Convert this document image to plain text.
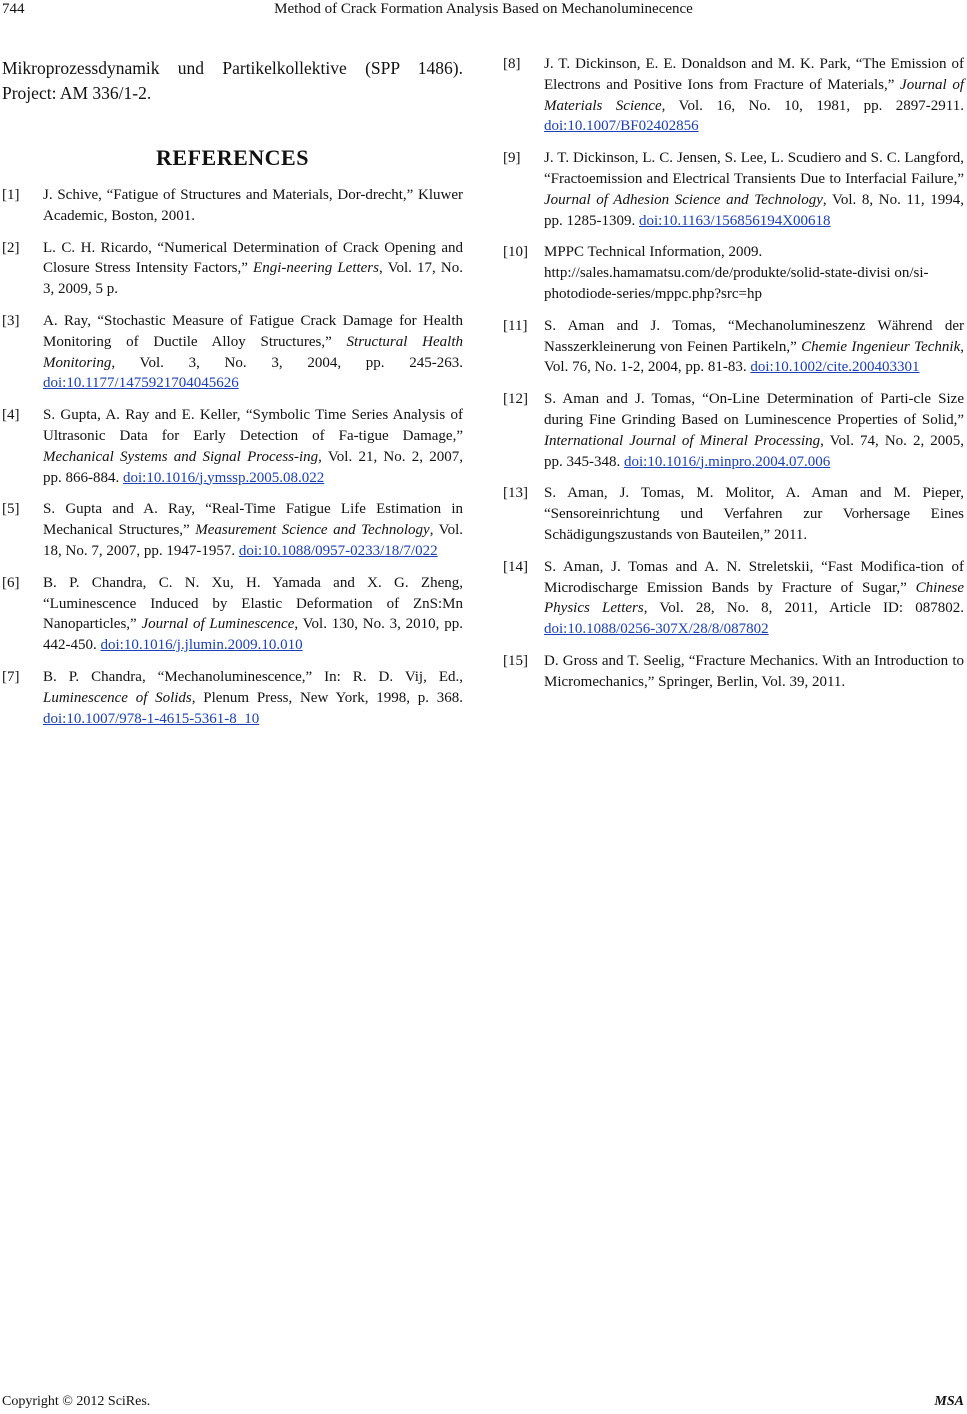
744	Method of Crack Formation Analysis Based on Mechanoluminecence

Mikroprozessdynamik und Partikelkollektive (SPP 1486). Project: AM 336/1-2.

REFERENCES
[1] J. Schive, “Fatigue of Structures and Materials, Dor-drecht,” Kluwer Academic, Boston, 2001.
[2] L. C. H. Ricardo, “Numerical Determination of Crack Opening and Closure Stress Intensity Factors,” Engi-neering Letters, Vol. 17, No. 3, 2009, 5 p.
[3] A. Ray, “Stochastic Measure of Fatigue Crack Damage for Health Monitoring of Ductile Alloy Structures,” Structural Health Monitoring, Vol. 3, No. 3, 2004, pp. 245-263. doi:10.1177/1475921704045626
[4] S. Gupta, A. Ray and E. Keller, “Symbolic Time Series Analysis of Ultrasonic Data for Early Detection of Fa-tigue Damage,” Mechanical Systems and Signal Process-ing, Vol. 21, No. 2, 2007, pp. 866-884. doi:10.1016/j.ymssp.2005.08.022
[5] S. Gupta and A. Ray, “Real-Time Fatigue Life Estimation in Mechanical Structures,” Measurement Science and Technology, Vol. 18, No. 7, 2007, pp. 1947-1957. doi:10.1088/0957-0233/18/7/022
[6] B. P. Chandra, C. N. Xu, H. Yamada and X. G. Zheng, “Luminescence Induced by Elastic Deformation of ZnS:Mn Nanoparticles,” Journal of Luminescence, Vol. 130, No. 3, 2010, pp. 442-450. doi:10.1016/j.jlumin.2009.10.010
[7] B. P. Chandra, “Mechanoluminescence,” In: R. D. Vij, Ed., Luminescence of Solids, Plenum Press, New York, 1998, p. 368. doi:10.1007/978-1-4615-5361-8_10
[8] J. T. Dickinson, E. E. Donaldson and M. K. Park, “The Emission of Electrons and Positive Ions from Fracture of Materials,” Journal of Materials Science, Vol. 16, No. 10, 1981, pp. 2897-2911. doi:10.1007/BF02402856
[9] J. T. Dickinson, L. C. Jensen, S. Lee, L. Scudiero and S. C. Langford, “Fractoemission and Electrical Transients Due to Interfacial Failure,” Journal of Adhesion Science and Technology, Vol. 8, No. 11, 1994, pp. 1285-1309. doi:10.1163/156856194X00618
[10] MPPC Technical Information, 2009.
http://sales.hamamatsu.com/de/produkte/solid-state-divisi on/si-photodiode-series/mppc.php?src=hp
[11] S. Aman and J. Tomas, “Mechanolumineszenz Während der Nasszerkleinerung von Feinen Partikeln,” Chemie Ingenieur Technik, Vol. 76, No. 1-2, 2004, pp. 81-83. doi:10.1002/cite.200403301
[12] S. Aman and J. Tomas, “On-Line Determination of Parti-cle Size during Fine Grinding Based on Luminescence Properties of Solid,” International Journal of Mineral Processing, Vol. 74, No. 2, 2005, pp. 345-348. doi:10.1016/j.minpro.2004.07.006
[13] S. Aman, J. Tomas, M. Molitor, A. Aman and M. Pieper, “Sensoreinrichtung und Verfahren zur Vorhersage Eines Schädigungszustands von Bauteilen,” 2011.
[14] S. Aman, J. Tomas and A. N. Streletskii, “Fast Modifica-tion of Microdischarge Emission Bands by Fracture of Sugar,” Chinese Physics Letters, Vol. 28, No. 8, 2011, Article ID: 087802. doi:10.1088/0256-307X/28/8/087802
[15] D. Gross and T. Seelig, “Fracture Mechanics. With an Introduction to Micromechanics,” Springer, Berlin, Vol. 39, 2011.
Copyright © 2012 SciRes.	MSA
